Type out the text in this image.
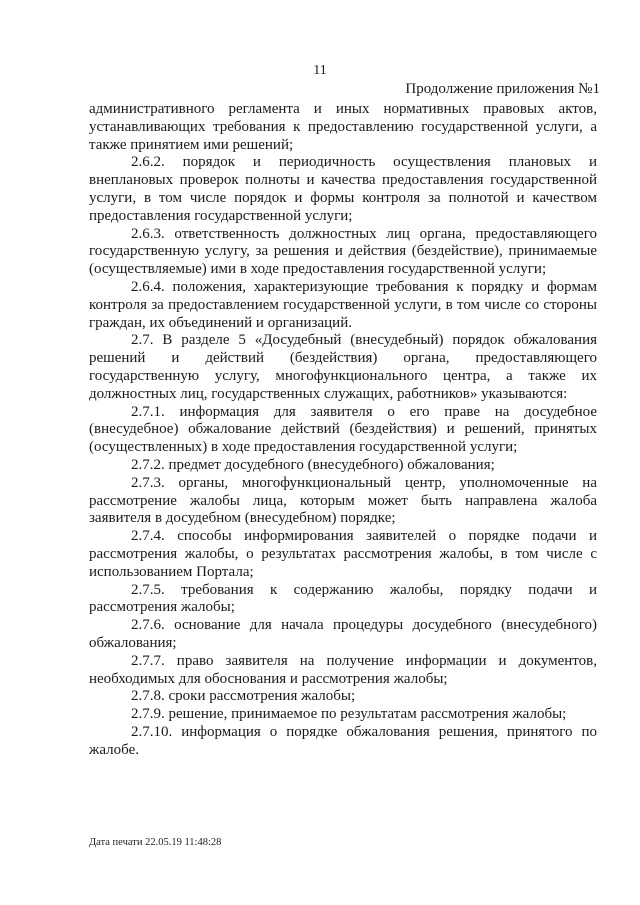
11
Продолжение приложения №1

административного регламента и иных нормативных правовых актов, устанавливающих требования к предоставлению государственной услуги, а также принятием ими решений;

2.6.2. порядок и периодичность осуществления плановых и внеплановых проверок полноты и качества предоставления государственной услуги, в том числе порядок и формы контроля за полнотой и качеством предоставления государственной услуги;

2.6.3. ответственность должностных лиц органа, предоставляющего государственную услугу, за решения и действия (бездействие), принимаемые (осуществляемые) ими в ходе предоставления государственной услуги;

2.6.4. положения, характеризующие требования к порядку и формам контроля за предоставлением государственной услуги, в том числе со стороны граждан, их объединений и организаций.

2.7. В разделе 5 «Досудебный (внесудебный) порядок обжалования решений и действий (бездействия) органа, предоставляющего государственную услугу, многофункционального центра, а также их должностных лиц, государственных служащих, работников» указываются:

2.7.1. информация для заявителя о его праве на досудебное (внесудебное) обжалование действий (бездействия) и решений, принятых (осуществленных) в ходе предоставления государственной услуги;

2.7.2. предмет досудебного (внесудебного) обжалования;

2.7.3. органы, многофункциональный центр, уполномоченные на рассмотрение жалобы лица, которым может быть направлена жалоба заявителя в досудебном (внесудебном) порядке;

2.7.4. способы информирования заявителей о порядке подачи и рассмотрения жалобы, о результатах рассмотрения жалобы, в том числе с использованием Портала;

2.7.5. требования к содержанию жалобы, порядку подачи и рассмотрения жалобы;

2.7.6. основание для начала процедуры досудебного (внесудебного) обжалования;

2.7.7. право заявителя на получение информации и документов, необходимых для обоснования и рассмотрения жалобы;

2.7.8. сроки рассмотрения жалобы;

2.7.9. решение, принимаемое по результатам рассмотрения жалобы;

2.7.10. информация о порядке обжалования решения, принятого по жалобе.

Дата печати 22.05.19 11:48:28
